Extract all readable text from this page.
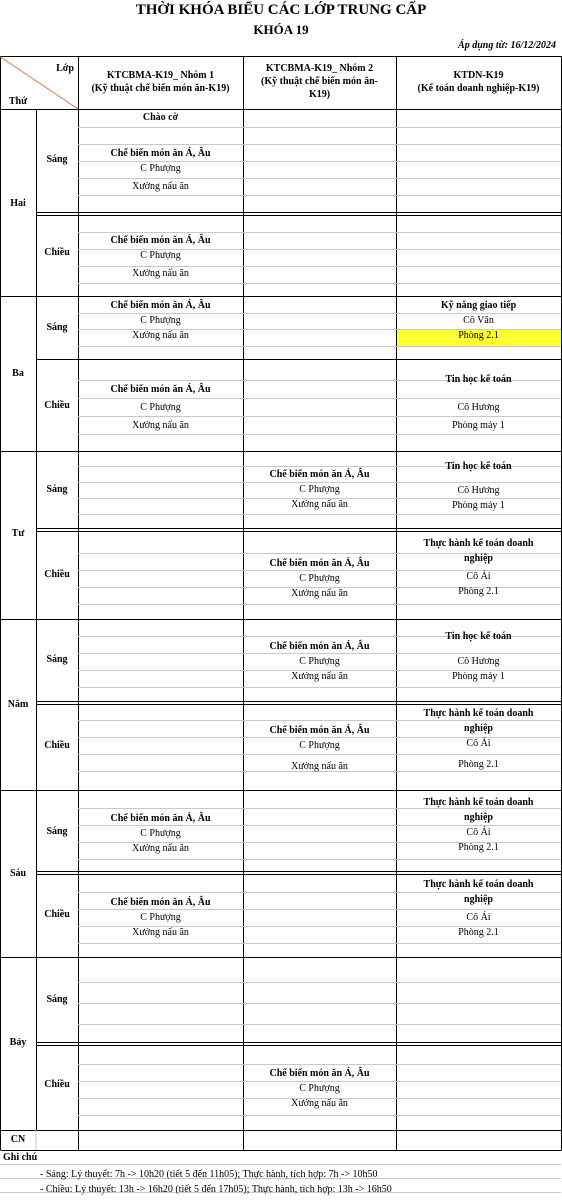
THỜI KHÓA BIỂU CÁC LỚP TRUNG CẤP
KHÓA 19
Áp dụng từ: 16/12/2024
Lớp
Thứ
KTCBMA-K19_ Nhóm 1
(Kỹ thuật chế biến món ăn-K19)
KTCBMA-K19_ Nhóm 2
(Kỹ thuật chế biến món ăn-
K19)
KTDN-K19
(Kế toán doanh nghiệp-K19)
Hai
Ba
Tư
Năm
Sáu
Bảy
CN
Sáng
Chiều
Sáng
Chiều
Sáng
Chiều
Sáng
Chiều
Sáng
Chiều
Sáng
Chiều
Chào cờ
Chế biến món ăn Á, Âu
C Phượng
Xưởng nấu ăn
Chế biến món ăn Á, Âu
C Phượng
Xưởng nấu ăn
Chế biến món ăn Á, Âu
C Phượng
Xưởng nấu ăn
Kỹ năng giao tiếp
Cô Vân
Phòng 2.1
Chế biến món ăn Á, Âu
C Phượng
Xưởng nấu ăn
Tin học kế toán
Cô Hương
Phòng máy 1
Chế biến món ăn Á, Âu
C Phượng
Xưởng nấu ăn
Tin học kế toán
Cô Hương
Phòng máy 1
Chế biến món ăn Á, Âu
C Phượng
Xưởng nấu ăn
Thực hành kế toán doanh
nghiệp
Cô Ái
Phòng 2.1
Chế biến món ăn Á, Âu
C Phượng
Xưởng nấu ăn
Tin học kế toán
Cô Hương
Phòng máy 1
Chế biến món ăn Á, Âu
C Phượng
Xưởng nấu ăn
Thực hành kế toán doanh
nghiệp
Cô Ái
Phòng 2.1
Chế biến món ăn Á, Âu
C Phượng
Xưởng nấu ăn
Thực hành kế toán doanh
nghiệp
Cô Ái
Phòng 2.1
Chế biến món ăn Á, Âu
C Phượng
Xưởng nấu ăn
Thực hành kế toán doanh
nghiệp
Cô Ái
Phòng 2.1
Chế biến món ăn Á, Âu
C Phượng
Xưởng nấu ăn
Ghi chú
- Sáng: Lý thuyết: 7h -> 10h20 (tiết 5 đến 11h05); Thực hành, tích hợp: 7h -> 10h50
- Chiều: Lý thuyết: 13h -> 16h20 (tiết 5 đến 17h05); Thực hành, tích hợp: 13h -> 16h50
